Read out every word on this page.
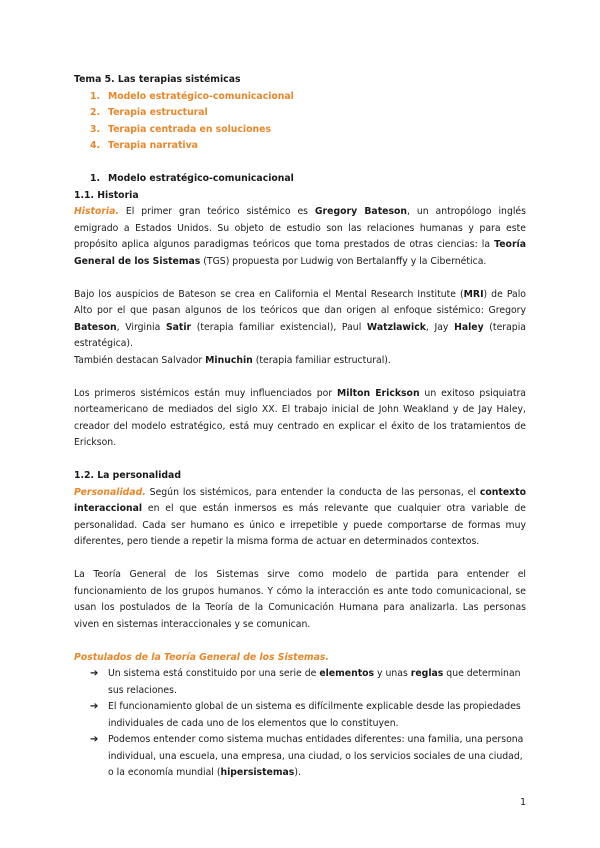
Tema 5. Las terapias sistémicas
1. Modelo estratégico-comunicacional
2. Terapia estructural
3. Terapia centrada en soluciones
4. Terapia narrativa
1. Modelo estratégico-comunicacional
1.1. Historia

Historia. El primer gran teórico sistémico es Gregory Bateson, un antropólogo inglés emigrado a Estados Unidos. Su objeto de estudio son las relaciones humanas y para este propósito aplica algunos paradigmas teóricos que toma prestados de otras ciencias: la Teoría General de los Sistemas (TGS) propuesta por Ludwig von Bertalanffy y la Cibernética.

Bajo los auspicios de Bateson se crea en California el Mental Research Institute (MRI) de Palo Alto por el que pasan algunos de los teóricos que dan origen al enfoque sistémico: Gregory Bateson, Virginia Satir (terapia familiar existencial), Paul Watzlawick, Jay Haley (terapia estratégica).

También destacan Salvador Minuchin (terapia familiar estructural).

Los primeros sistémicos están muy influenciados por Milton Erickson un exitoso psiquiatra norteamericano de mediados del siglo XX. El trabajo inicial de John Weakland y de Jay Haley, creador del modelo estratégico, está muy centrado en explicar el éxito de los tratamientos de Erickson.

1.2. La personalidad

Personalidad. Según los sistémicos, para entender la conducta de las personas, el contexto interaccional en el que están inmersos es más relevante que cualquier otra variable de personalidad. Cada ser humano es único e irrepetible y puede comportarse de formas muy diferentes, pero tiende a repetir la misma forma de actuar en determinados contextos.

La Teoría General de los Sistemas sirve como modelo de partida para entender el funcionamiento de los grupos humanos. Y cómo la interacción es ante todo comunicacional, se usan los postulados de la Teoría de la Comunicación Humana para analizarla. Las personas viven en sistemas interaccionales y se comunican.

Postulados de la Teoría General de los Sistemas.
➔ Un sistema está constituido por una serie de elementos y unas reglas que determinan sus relaciones.
➔ El funcionamiento global de un sistema es difícilmente explicable desde las propiedades individuales de cada uno de los elementos que lo constituyen.
➔ Podemos entender como sistema muchas entidades diferentes: una familia, una persona individual, una escuela, una empresa, una ciudad, o los servicios sociales de una ciudad, o la economía mundial (hipersistemas).
1
